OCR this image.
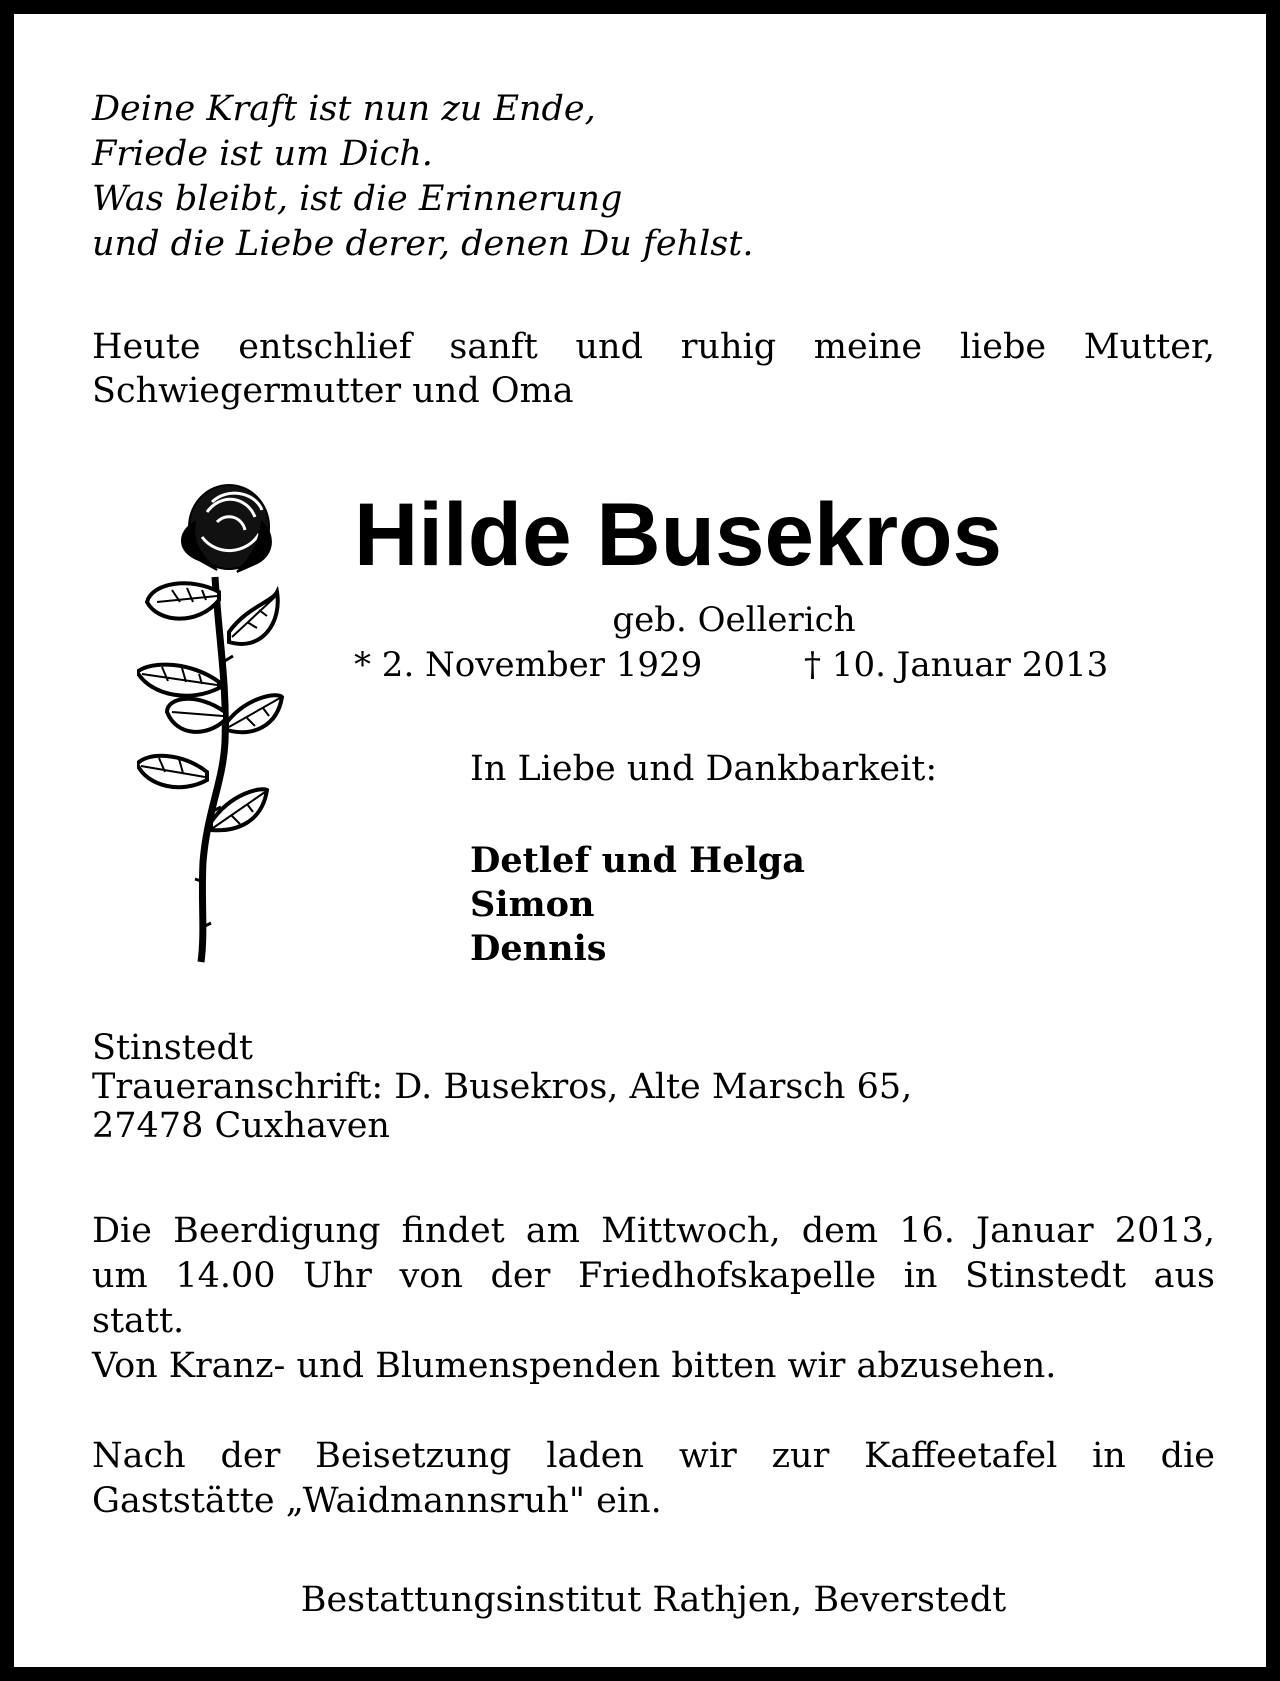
Deine Kraft ist nun zu Ende,
Friede ist um Dich.
Was bleibt, ist die Erinnerung
und die Liebe derer, denen Du fehlst.
Heute entschlief sanft und ruhig meine liebe Mutter,
Schwiegermutter und Oma
Hilde Busekros
geb. Oellerich
* 2. November 1929	† 10. Januar 2013
In Liebe und Dankbarkeit:
Detlef und Helga
Simon
Dennis
Stinstedt
Traueranschrift: D. Busekros, Alte Marsch 65,
27478 Cuxhaven
Die Beerdigung findet am Mittwoch, dem 16. Januar 2013,
um 14.00 Uhr von der Friedhofskapelle in Stinstedt aus
statt.
Von Kranz- und Blumenspenden bitten wir abzusehen.
Nach der Beisetzung laden wir zur Kaffeetafel in die
Gaststätte „Waidmannsruh" ein.
Bestattungsinstitut Rathjen, Beverstedt
